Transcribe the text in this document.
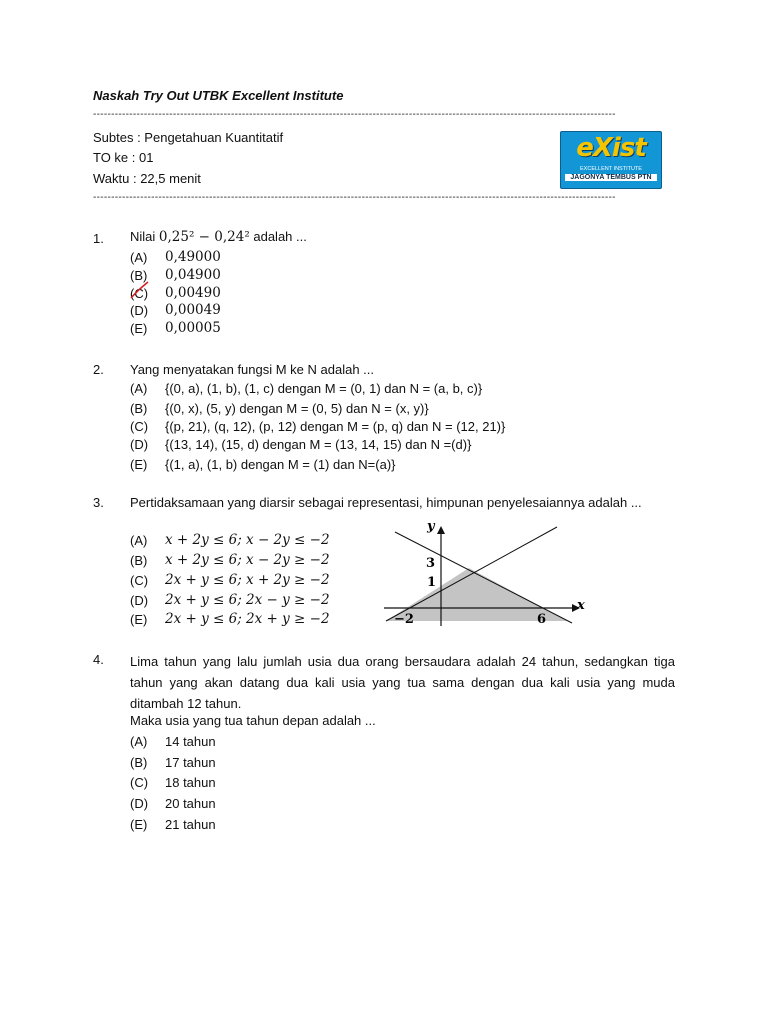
Naskah Try Out UTBK Excellent Institute
------------------------------------------------------------------------------------------------------------------------------------------------
Subtes : Pengetahuan Kuantitatif
TO ke : 01
Waktu : 22,5 menit
------------------------------------------------------------------------------------------------------------------------------------------------
eXist
EXCELLENT INSTITUTE
JAGONYA TEMBUS PTN
1. Nilai 0,25² − 0,24² adalah ...
(A) 0,49000
(B) 0,04900
(C) 0,00490
(D) 0,00049
(E) 0,00005
2. Yang menyatakan fungsi M ke N adalah ...
(A) {(0, a), (1, b), (1, c) dengan M = (0, 1) dan N = (a, b, c)}
(B) {(0, x), (5, y) dengan M = (0, 5) dan N = (x, y)}
(C) {(p, 21), (q, 12), (p, 12) dengan M = (p, q) dan N = (12, 21)}
(D) {(13, 14), (15, d) dengan M = (13, 14, 15) dan N =(d)}
(E) {(1, a), (1, b) dengan M = (1) dan N=(a)}
3. Pertidaksamaan yang diarsir sebagai representasi, himpunan penyelesaiannya adalah ...
(A) x + 2y ≤ 6; x − 2y ≤ −2
(B) x + 2y ≤ 6; x − 2y ≥ −2
(C) 2x + y ≤ 6; x + 2y ≥ −2
(D) 2x + y ≤ 6; 2x − y ≥ −2
(E) 2x + y ≤ 6; 2x + y ≥ −2
x
y
3
1
−2	6
4. Lima tahun yang lalu jumlah usia dua orang bersaudara adalah 24 tahun, sedangkan tiga tahun yang akan datang dua kali usia yang tua sama dengan dua kali usia yang muda ditambah 12 tahun.
Maka usia yang tua tahun depan adalah ...
(A) 14 tahun
(B) 17 tahun
(C) 18 tahun
(D) 20 tahun
(E) 21 tahun
